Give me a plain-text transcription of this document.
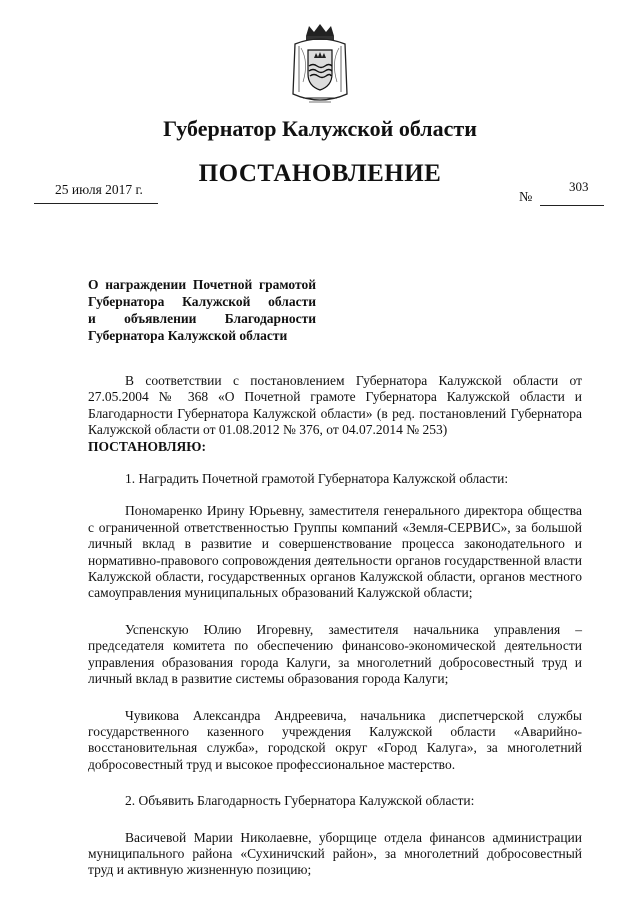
Губернатор Калужской области
ПОСТАНОВЛЕНИЕ
25 июля 2017 г.
№
303
О награждении Почетной грамотой
Губернатора Калужской области
и объявлении Благодарности
Губернатора Калужской области

В соответствии с постановлением Губернатора Калужской области от 27.05.2004 № 368 «О Почетной грамоте Губернатора Калужской области и Благодарности Губернатора Калужской области» (в ред. постановлений Губернатора Калужской области от 01.08.2012 № 376, от 04.07.2014 № 253)
ПОСТАНОВЛЯЮ:

1. Наградить Почетной грамотой Губернатора Калужской области:

Пономаренко Ирину Юрьевну, заместителя генерального директора общества с ограниченной ответственностью Группы компаний «Земля-СЕРВИС», за большой личный вклад в развитие и совершенствование процесса законодательного и нормативно-правового сопровождения деятельности органов государственной власти Калужской области, государственных органов Калужской области, органов местного самоуправления муниципальных образований Калужской области;

Успенскую Юлию Игоревну, заместителя начальника управления – председателя комитета по обеспечению финансово-экономической деятельности управления образования города Калуги, за многолетний добросовестный труд и личный вклад в развитие системы образования города Калуги;

Чувикова Александра Андреевича, начальника диспетчерской службы государственного казенного учреждения Калужской области «Аварийно-восстановительная служба», городской округ «Город Калуга», за многолетний добросовестный труд и высокое профессиональное мастерство.

2. Объявить Благодарность Губернатора Калужской области:

Васичевой Марии Николаевне, уборщице отдела финансов администрации муниципального района «Сухиничский район», за многолетний добросовестный труд и активную жизненную позицию;
